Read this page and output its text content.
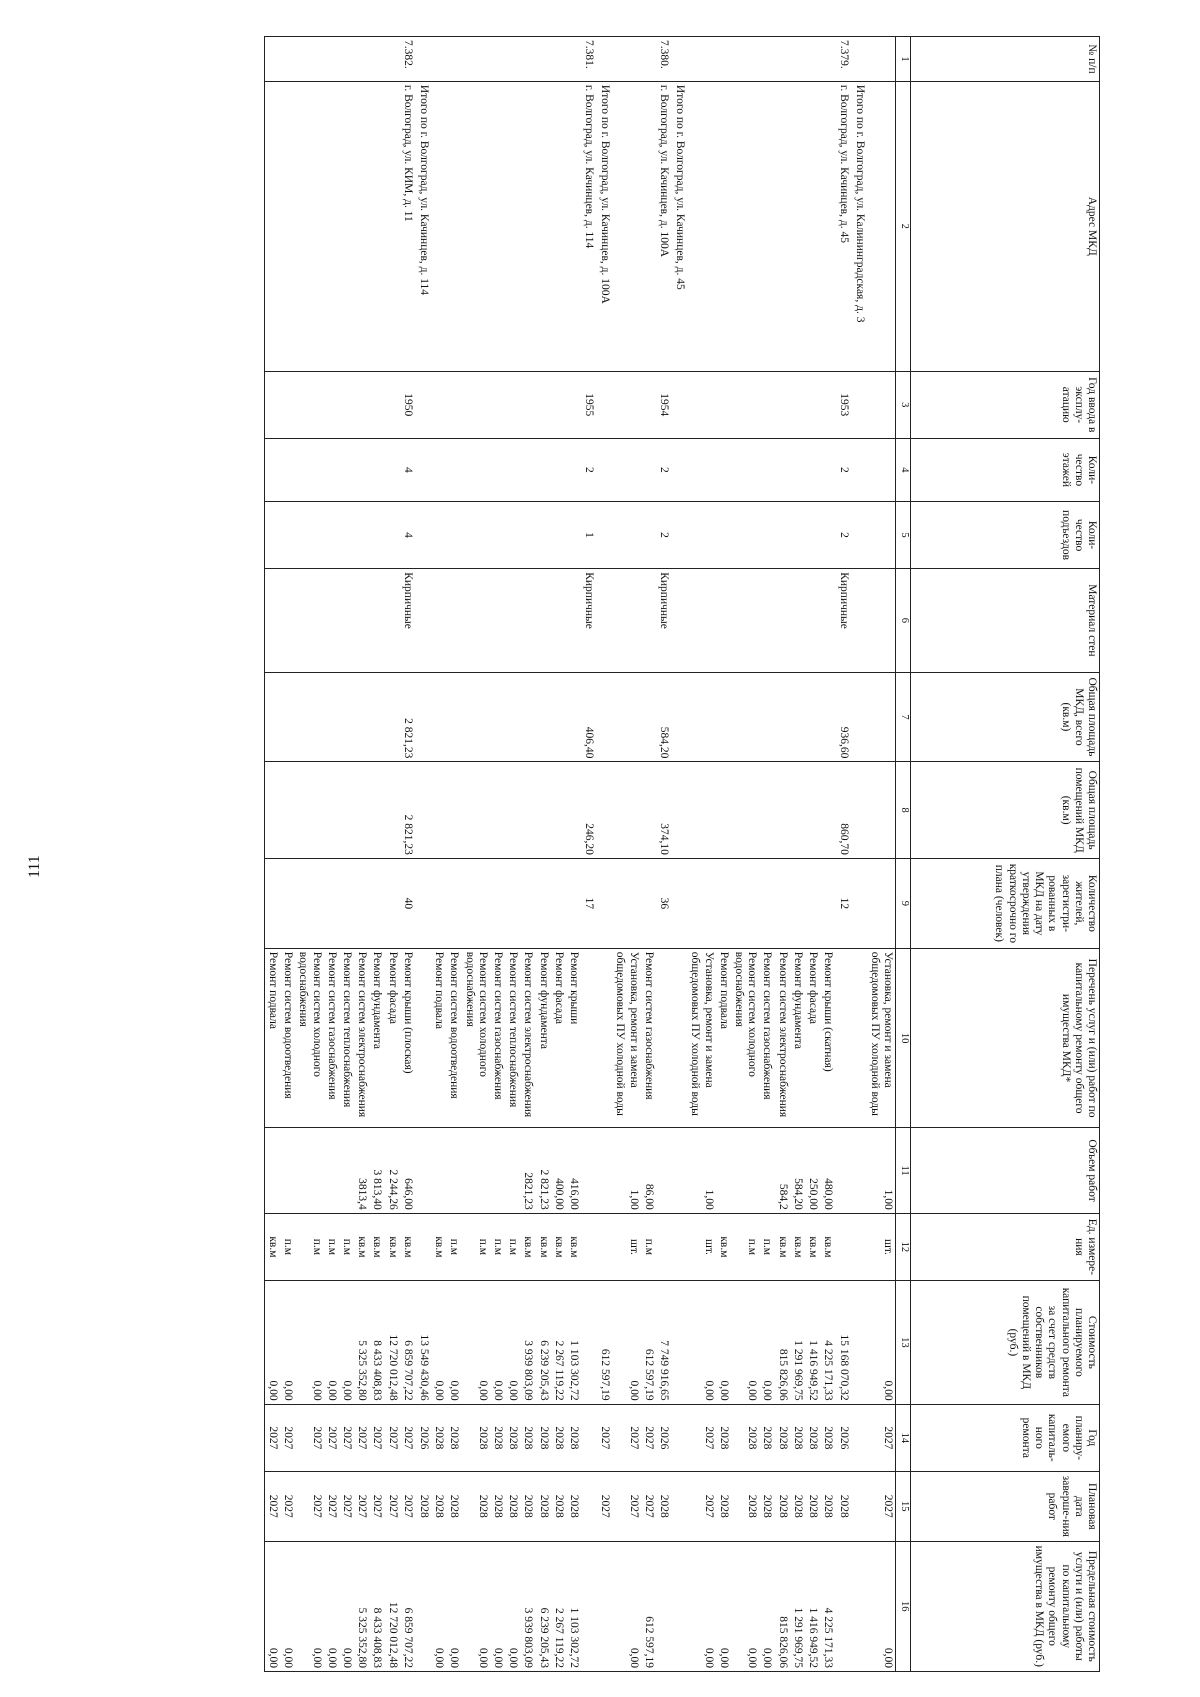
111
№ п/п	Адрес МКД	Год ввода в эксплу-атацию	Коли-чество этажей	Коли-чество подъездов	Материал стен	Общая площадь МКД, всего (кв.м)	Общая площадь помещений МКД (кв.м)	Количество жителей, зарегистри-рованных в МКД на дату утверждения краткосрочно го плана (человек)	Перечень услуг и (или) работ по капитальному ремонту общего имущества МКД*	Объем работ	Ед. измере-ния	Стоимость планируемого капитального ремонта за счет средств собственников помещений в МКД (руб.)	Год планиру-емого капиталь-ного ремонта	Плановая дата заверше-ния работ	Предельная стоимость услуги и (или) работы по капитальному ремонту общего имущества в МКД (руб.)
1	2	3	4	5	6	7	8	9	10	11	12	13	14	15	16
									Установка, ремонт и замена общедомовых ПУ холодной воды	1,00	шт.	0,00	2027	2027	0,00
	Итого по г. Волгоград, ул. Калининградская, д. 3														
7.379.	г. Волгоград, ул. Качинцев, д. 45	1953	2	2	Кирпичные	936,60	860,70	12				15 168 070,32	2026	2028	
									Ремонт крыши (скатная)	480,00	кв.м	4 225 171,33	2028	2028	4 225 171,33
									Ремонт фасада	250,00	кв.м	1 416 949,52	2028	2028	1 416 949,52
									Ремонт фундамента	584,20	кв.м	1 291 969,75	2028	2028	1 291 969,75
									Ремонт систем электроснабжения	584,2	кв.м	815 826,06	2028	2028	815 826,06
									Ремонт систем газоснабжения		п.м	0,00	2028	2028	0,00
									Ремонт систем холодного водоснабжения		п.м	0,00	2028	2028	0,00
									Ремонт подвала		кв.м	0,00	2028	2028	0,00
									Установка, ремонт и замена общедомовых ПУ холодной воды	1,00	шт.	0,00	2027	2027	0,00
	Итого по г. Волгоград, ул. Качинцев, д. 45														
7.380.	г. Волгоград, ул. Качинцев, д. 100А	1954	2	2	Кирпичные	584,20	374,10	36				7 749 916,65	2026	2028	
									Ремонт систем газоснабжения	86,00	п.м	612 597,19	2027	2027	612 597,19
									Установка, ремонт и замена общедомовых ПУ холодной воды	1,00	шт.	0,00	2027	2027	0,00
	Итого по г. Волгоград, ул. Качинцев, д. 100А											612 597,19	2027	2027	
7.381.	г. Волгоград, ул. Качинцев, д. 114	1955	2	1	Кирпичные	406,40	246,20	17							
									Ремонт крыши	416,00	кв.м	1 103 302,72	2028	2028	1 103 302,72
									Ремонт фасада	400,00	кв.м	2 267 119,22	2028	2028	2 267 119,22
									Ремонт фундамента	2 821,23	кв.м	6 239 205,43	2028	2028	6 239 205,43
									Ремонт систем электроснабжения	2821,23	кв.м	3 939 803,09	2028	2028	3 939 803,09
									Ремонт систем теплоснабжения		п.м	0,00	2028	2028	0,00
									Ремонт систем газоснабжения		п.м	0,00	2028	2028	0,00
									Ремонт систем холодного водоснабжения		п.м	0,00	2028	2028	0,00
									Ремонт систем водоотведения		п.м	0,00	2028	2028	0,00
									Ремонт подвала		кв.м	0,00	2028	2028	0,00
	Итого по г. Волгоград, ул. Качинцев, д. 114											13 549 430,46	2026	2028	
7.382.	г. Волгоград, ул. КИМ, д. 11	1950	4	4	Кирпичные	2 821,23	2 821,23	40	Ремонт крыши (плоская)	646,00	кв.м	6 859 707,22	2027	2027	6 859 707,22
									Ремонт фасада	2 244,26	кв.м	12 720 012,48	2027	2027	12 720 012,48
									Ремонт фундамента	3 813,40	кв.м	8 433 408,83	2027	2027	8 433 408,83
									Ремонт систем электроснабжения	3813,4	кв.м	5 325 352,80	2027	2027	5 325 352,80
									Ремонт систем теплоснабжения		п.м	0,00	2027	2027	0,00
									Ремонт систем газоснабжения		п.м	0,00	2027	2027	0,00
									Ремонт систем холодного водоснабжения		п.м	0,00	2027	2027	0,00
									Ремонт систем водоотведения		п.м	0,00	2027	2027	0,00
									Ремонт подвала		кв.м	0,00	2027	2027	0,00
